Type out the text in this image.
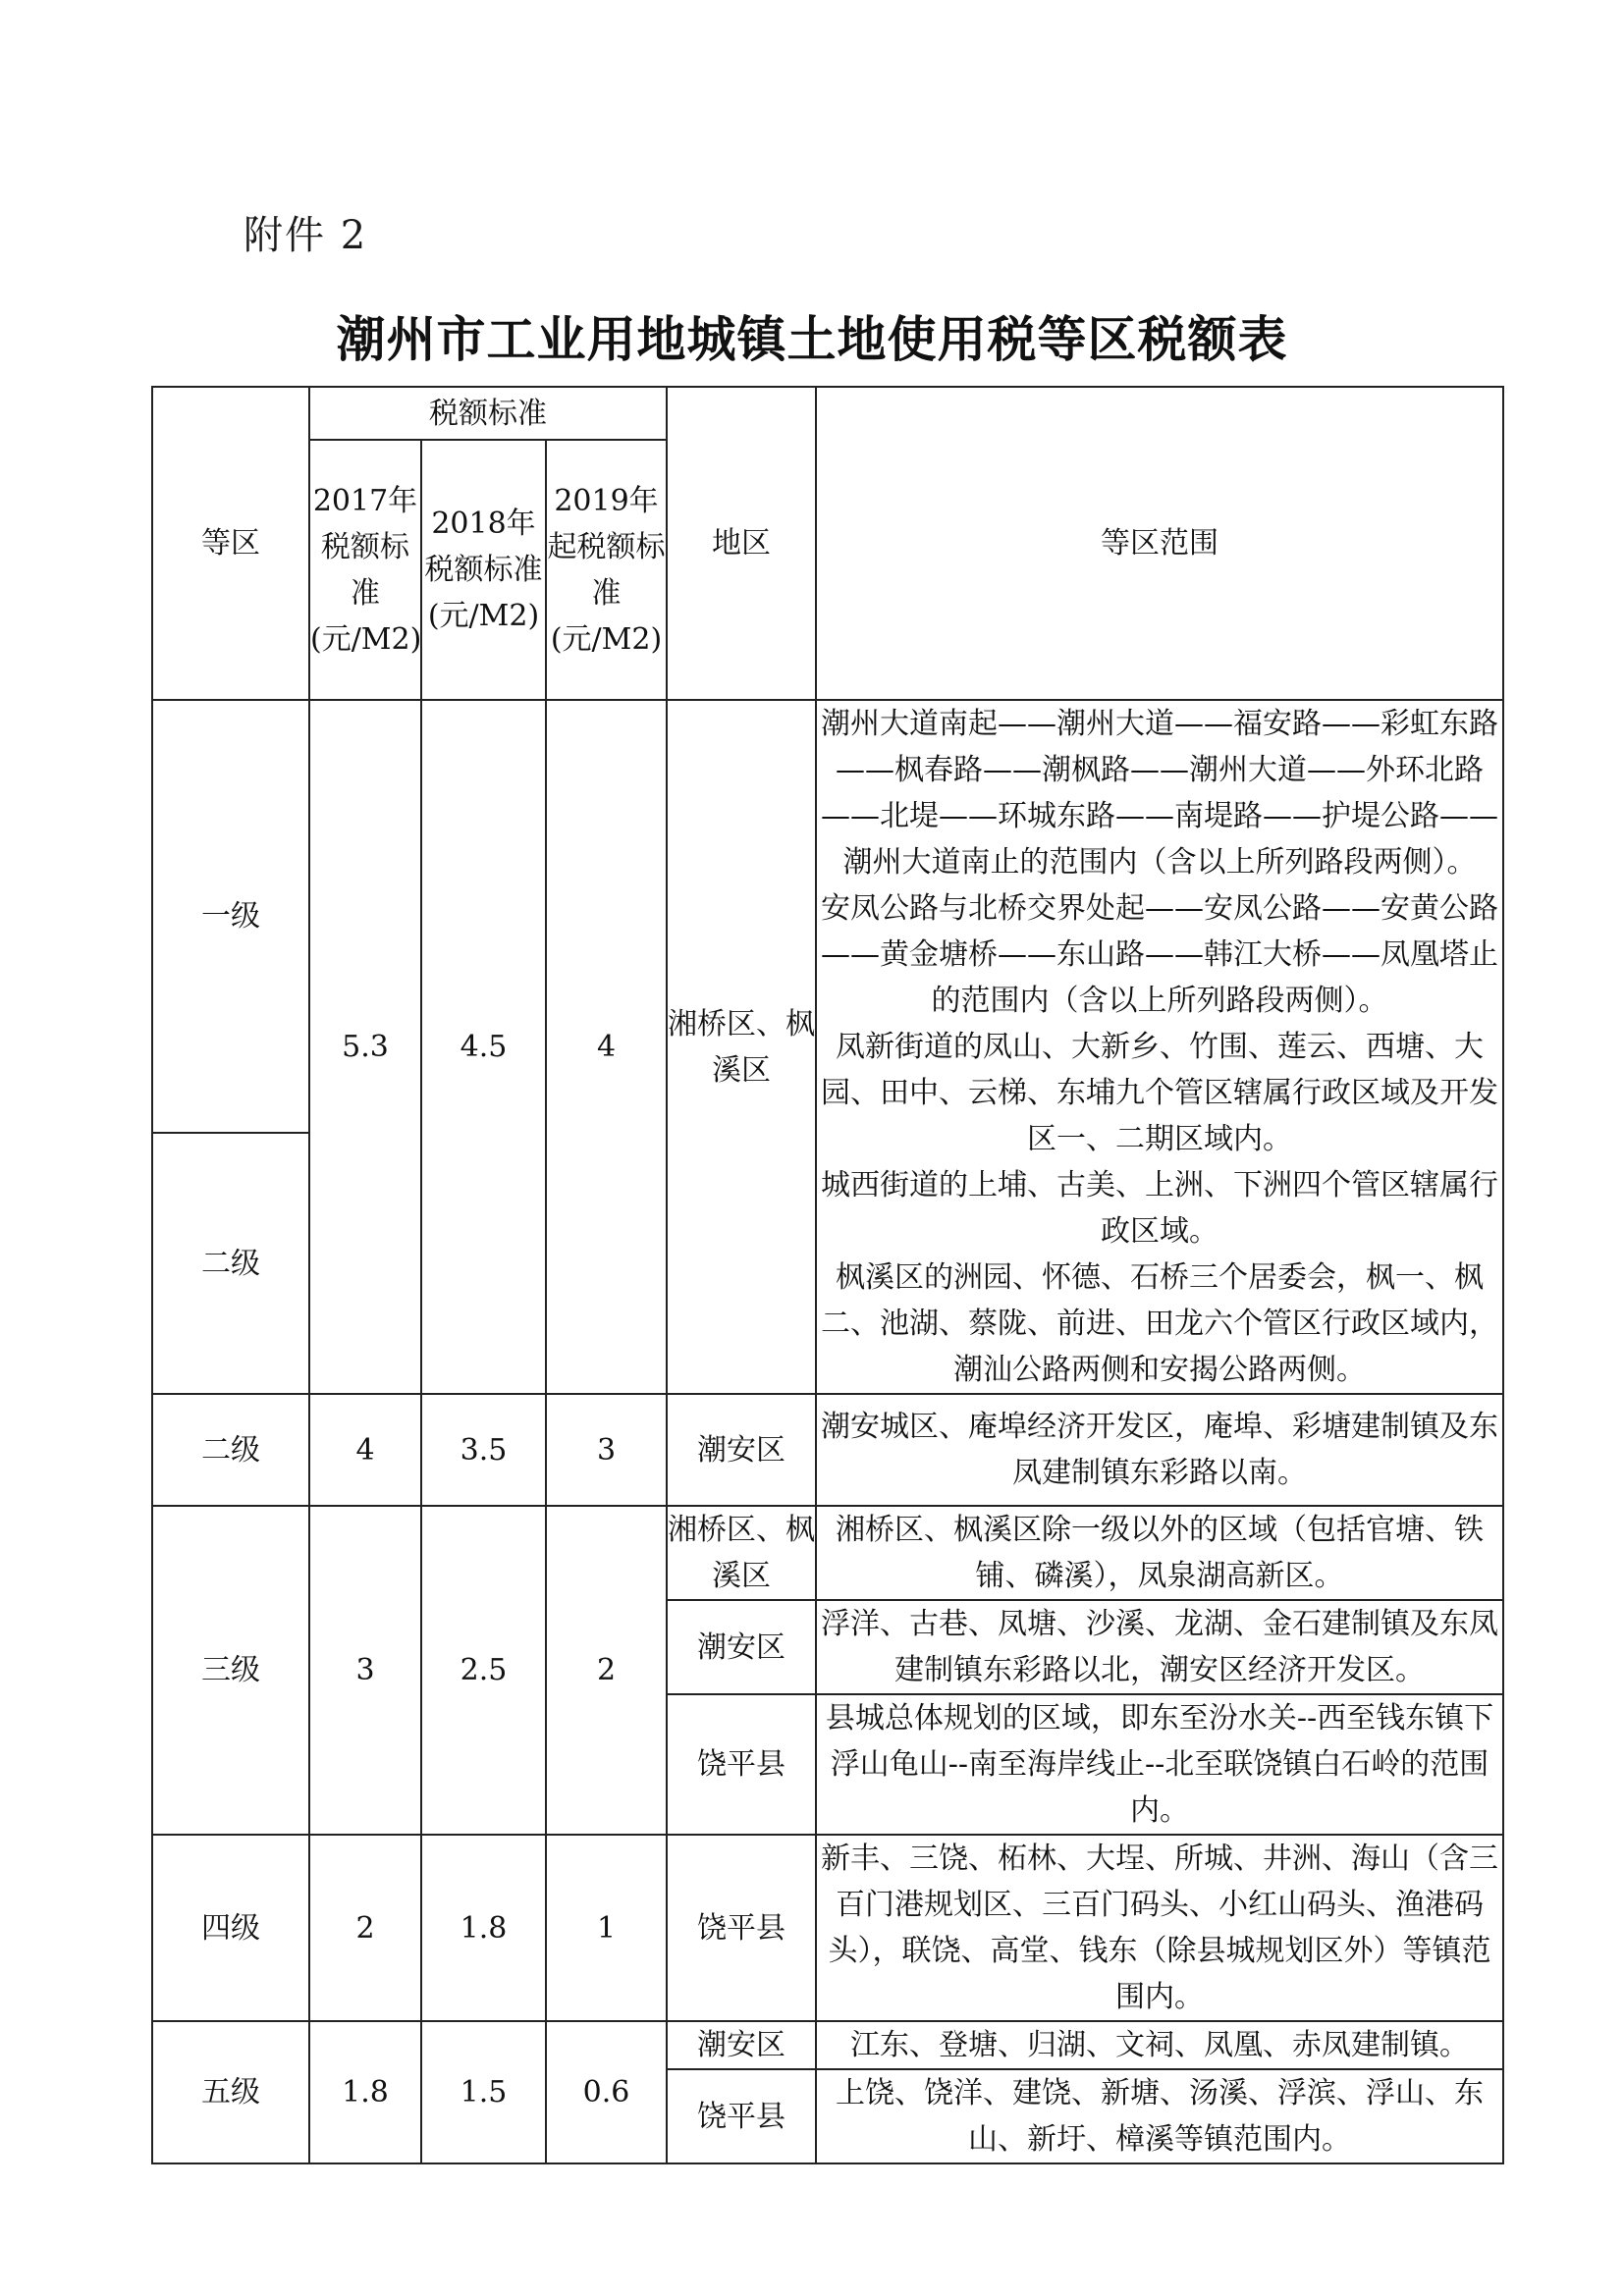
附件 2
潮州市工业用地城镇土地使用税等区税额表
等区	税额标准			地区	等区范围
	2017年税额标准(元/M2)	2018年税额标准(元/M2)	2019年起税额标准(元/M2)		
一级	5.3	4.5	4	湘桥区、枫溪区	潮州大道南起——潮州大道——福安路——彩虹东路——枫春路——潮枫路——潮州大道——外环北路——北堤——环城东路——南堤路——护堤公路——潮州大道南止的范围内（含以上所列路段两侧）。
安凤公路与北桥交界处起——安凤公路——安黄公路——黄金塘桥——东山路——韩江大桥——凤凰塔止的范围内（含以上所列路段两侧）。
凤新街道的凤山、大新乡、竹围、莲云、西塘、大园、田中、云梯、东埔九个管区辖属行政区域及开发区一、二期区域内。
城西街道的上埔、古美、上洲、下洲四个管区辖属行政区域。
枫溪区的洲园、怀德、石桥三个居委会，枫一、枫二、池湖、蔡陇、前进、田龙六个管区行政区域内，潮汕公路两侧和安揭公路两侧。

二级					
二级	4	3.5	3	潮安区	潮安城区、庵埠经济开发区，庵埠、彩塘建制镇及东凤建制镇东彩路以南。
三级	3	2.5	2	湘桥区、枫溪区	湘桥区、枫溪区除一级以外的区域（包括官塘、铁铺、磷溪），凤泉湖高新区。
				潮安区	浮洋、古巷、凤塘、沙溪、龙湖、金石建制镇及东凤建制镇东彩路以北，潮安区经济开发区。
				饶平县	县城总体规划的区域，即东至汾水关--西至钱东镇下浮山龟山--南至海岸线止--北至联饶镇白石岭的范围内。
四级	2	1.8	1	饶平县	新丰、三饶、柘林、大埕、所城、井洲、海山（含三百门港规划区、三百门码头、小红山码头、渔港码头），联饶、高堂、钱东（除县城规划区外）等镇范围内。
五级	1.8	1.5	0.6	潮安区	江东、登塘、归湖、文祠、凤凰、赤凤建制镇。
				饶平县	上饶、饶洋、建饶、新塘、汤溪、浮滨、浮山、东山、新圩、樟溪等镇范围内。
